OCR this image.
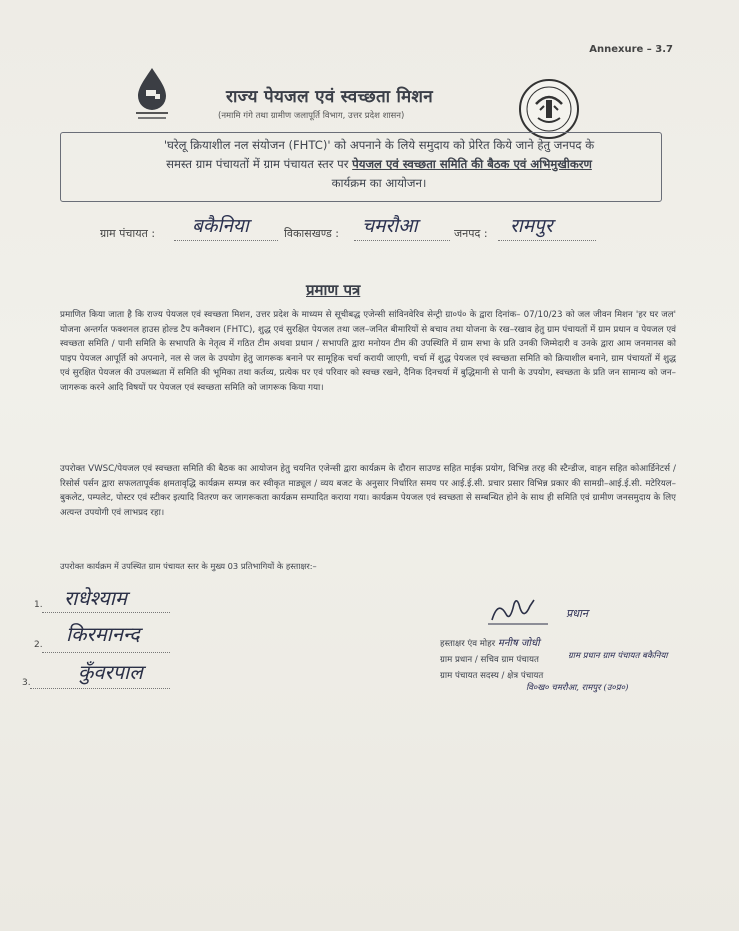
Annexure – 3.7
राज्य पेयजल एवं स्वच्छता मिशन
(नमामि गंगे तथा ग्रामीण जलापूर्ति विभाग, उत्तर प्रदेश शासन)
'घरेलू क्रियाशील नल संयोजन (FHTC)' को अपनाने के लिये समुदाय को प्रेरित किये जाने हेतु जनपद के
समस्त ग्राम पंचायतों में ग्राम पंचायत स्तर पर पेयजल एवं स्वच्छता समिति की बैठक एवं अभिमुखीकरण
कार्यक्रम का आयोजन।
ग्राम पंचायत : बकैनिया	विकासखण्ड : चमरौआ	जनपद : रामपुर
प्रमाण पत्र
प्रमाणित किया जाता है कि राज्य पेयजल एवं स्वच्छता मिशन, उत्तर प्रदेश के माध्यम से सूचीबद्ध एजेन्सी सांविनवेरिव सेन्ट्री ग्रा०पं० के द्वारा दिनांक– 07/10/23 को जल जीवन मिशन 'हर घर जल' योजना अन्तर्गत फक्शनल हाउस होल्ड टैप कनैक्शन (FHTC), शुद्ध एवं सुरक्षित पेयजल तथा जल–जनित बीमारियों से बचाव तथा योजना के रख–रखाव हेतु ग्राम पंचायतों में ग्राम प्रधान व पेयजल एवं स्वच्छता समिति / पानी समिति के सभापति के नेतृत्व में गठित टीम अथवा प्रधान / सभापति द्वारा मनोयन टीम की उपस्थिति में ग्राम सभा के प्रति उनकी जिम्मेदारी व उनके द्वारा आम जनमानस को पाइप पेयजल आपूर्ति को अपनाने, नल से जल के उपयोग हेतु जागरूक बनाने पर सामूहिक चर्चा करायी जाएगी, चर्चा में शुद्ध पेयजल एवं स्वच्छता समिति को क्रियाशील बनाने, ग्राम पंचायतों में शुद्ध एवं सुरक्षित पेयजल की उपलब्धता में समिति की भूमिका तथा कर्तव्य, प्रत्येक घर एवं परिवार को स्वच्छ रखने, दैनिक दिनचर्या में बुद्धिमानी से पानी के उपयोग, स्वच्छता के प्रति जन सामान्य को जन–जागरूक करने आदि विषयों पर पेयजल एवं स्वच्छता समिति को जागरूक किया गया।
उपरोक्त VWSC/पेयजल एवं स्वच्छता समिति की बैठक का आयोजन हेतु चयनित एजेन्सी द्वारा कार्यक्रम के दौरान साउण्ड सहित माईक प्रयोग, विभिन्न तरह की स्टैन्डीज, वाहन सहित कोआर्डिनेटर्स / रिसोर्स पर्सन द्वारा सफलतापूर्वक क्षमतावृद्धि कार्यक्रम सम्पन्न कर स्वीकृत माड्यूल / व्यय बजट के अनुसार निर्धारित समय पर आई.ई.सी. प्रचार प्रसार विभिन्न प्रकार की सामग्री–आई.ई.सी. मटेरियल–बुकलेट, पम्पलेट, पोस्टर एवं स्टीकर इत्यादि वितरण कर जागरूकता कार्यक्रम सम्पादित कराया गया। कार्यक्रम पेयजल एवं स्वच्छता से सम्बन्धित होने के साथ ही समिति एवं ग्रामीण जनसमुदाय के लिए अत्यन्त उपयोगी एवं लाभप्रद रहा।
उपरोक्त कार्यक्रम में उपस्थित ग्राम पंचायत स्तर के मुख्य 03 प्रतिभागियों के हस्ताक्षर:–
1. राधेश्याम
2. किरमानन्द
3. कुँवरपाल
प्रधान
हस्ताक्षर एंव मोहर मनीष जोधी
ग्राम प्रधान / सचिव ग्राम पंचायत
ग्राम पंचायत सदस्य / क्षेत्र पंचायत
ग्राम प्रधान ग्राम पंचायत बकैनिया
वि०ख० चमरौआ, रामपुर (उ०प्र०)
